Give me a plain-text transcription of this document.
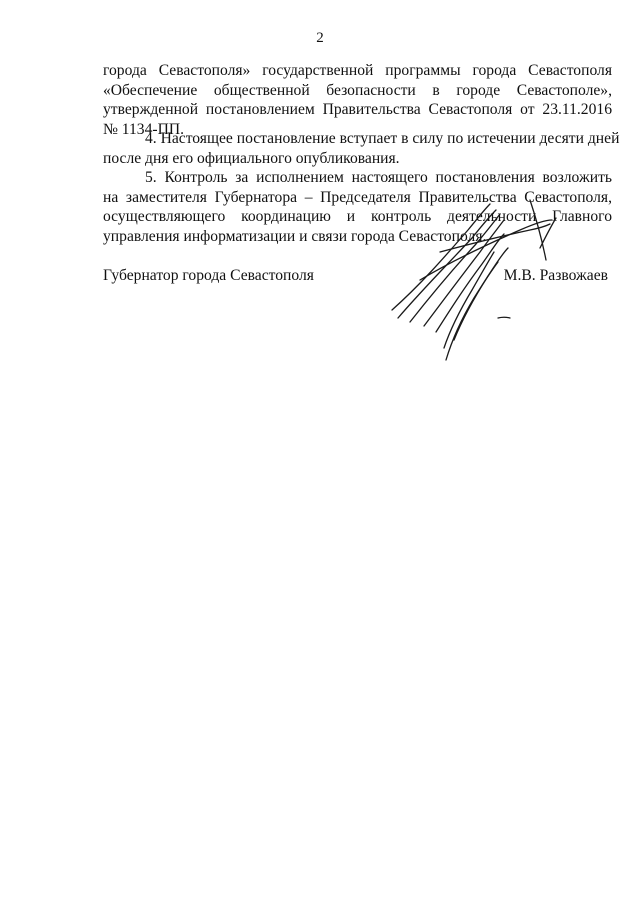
2

города Севастополя» государственной программы города Севастополя
«Обеспечение общественной безопасности в городе Севастополе»,
утвержденной постановлением Правительства Севастополя от 23.11.2016
№ 1134-ПП.

4. Настоящее постановление вступает в силу по истечении десяти дней
после дня его официального опубликования.

5. Контроль за исполнением настоящего постановления возложить
на заместителя Губернатора – Председателя Правительства Севастополя,
осуществляющего координацию и контроль деятельности Главного
управления информатизации и связи города Севастополя.

Губернатор города Севастополя	М.В. Развожаев
